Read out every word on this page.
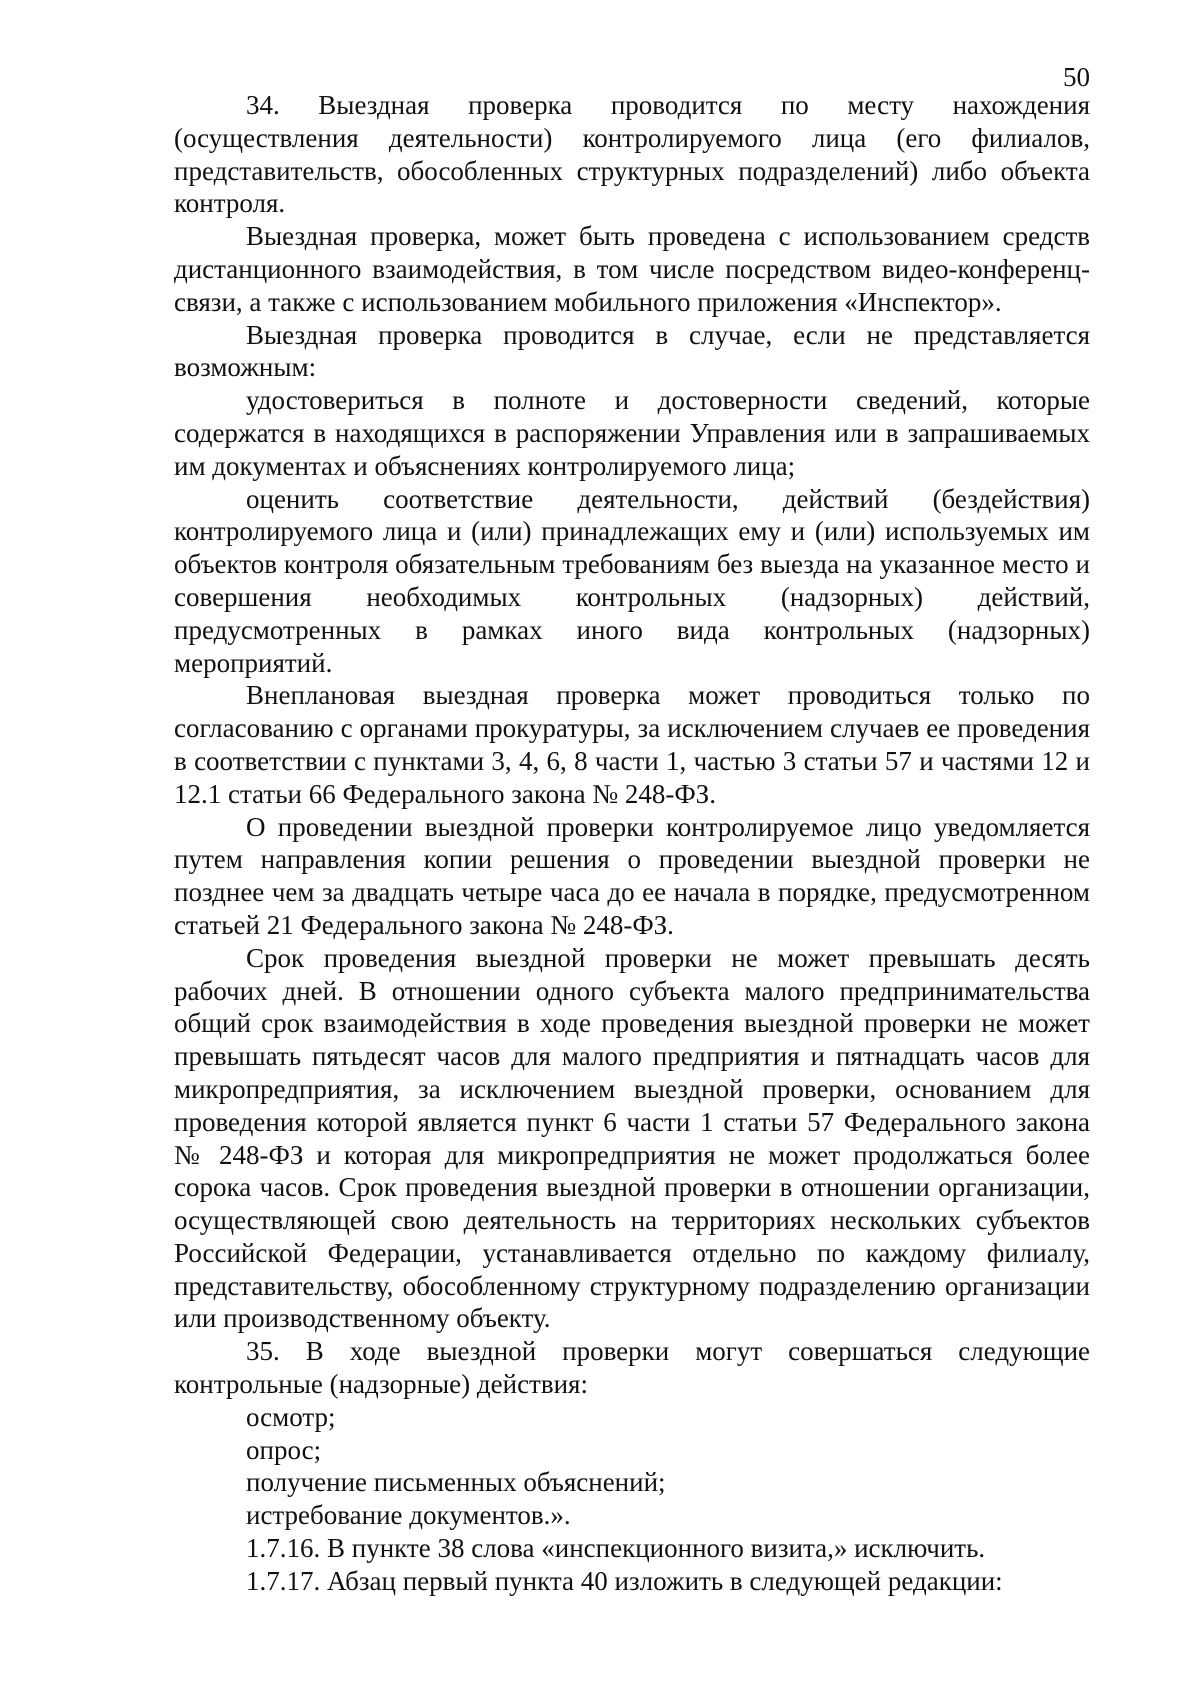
50

34. Выездная проверка проводится по месту нахождения (осуществления деятельности) контролируемого лица (его филиалов, представительств, обособленных структурных подразделений) либо объекта контроля.

Выездная проверка, может быть проведена с использованием средств дистанционного взаимодействия, в том числе посредством видео-конференц-связи, а также с использованием мобильного приложения «Инспектор».

Выездная проверка проводится в случае, если не представляется возможным:

удостовериться в полноте и достоверности сведений, которые содержатся в находящихся в распоряжении Управления или в запрашиваемых им документах и объяснениях контролируемого лица;

оценить соответствие деятельности, действий (бездействия) контролируемого лица и (или) принадлежащих ему и (или) используемых им объектов контроля обязательным требованиям без выезда на указанное место и совершения необходимых контрольных (надзорных) действий, предусмотренных в рамках иного вида контрольных (надзорных) мероприятий.

Внеплановая выездная проверка может проводиться только по согласованию с органами прокуратуры, за исключением случаев ее проведения в соответствии с пунктами 3, 4, 6, 8 части 1, частью 3 статьи 57 и частями 12 и 12.1 статьи 66 Федерального закона № 248-ФЗ.

О проведении выездной проверки контролируемое лицо уведомляется путем направления копии решения о проведении выездной проверки не позднее чем за двадцать четыре часа до ее начала в порядке, предусмотренном статьей 21 Федерального закона № 248-ФЗ.

Срок проведения выездной проверки не может превышать десять рабочих дней. В отношении одного субъекта малого предпринимательства общий срок взаимодействия в ходе проведения выездной проверки не может превышать пятьдесят часов для малого предприятия и пятнадцать часов для микропредприятия, за исключением выездной проверки, основанием для проведения которой является пункт 6 части 1 статьи 57 Федерального закона № 248-ФЗ и которая для микропредприятия не может продолжаться более сорока часов. Срок проведения выездной проверки в отношении организации, осуществляющей свою деятельность на территориях нескольких субъектов Российской Федерации, устанавливается отдельно по каждому филиалу, представительству, обособленному структурному подразделению организации или производственному объекту.

35. В ходе выездной проверки могут совершаться следующие контрольные (надзорные) действия:

осмотр;

опрос;

получение письменных объяснений;

истребование документов.».

1.7.16. В пункте 38 слова «инспекционного визита,» исключить.

1.7.17. Абзац первый пункта 40 изложить в следующей редакции:
